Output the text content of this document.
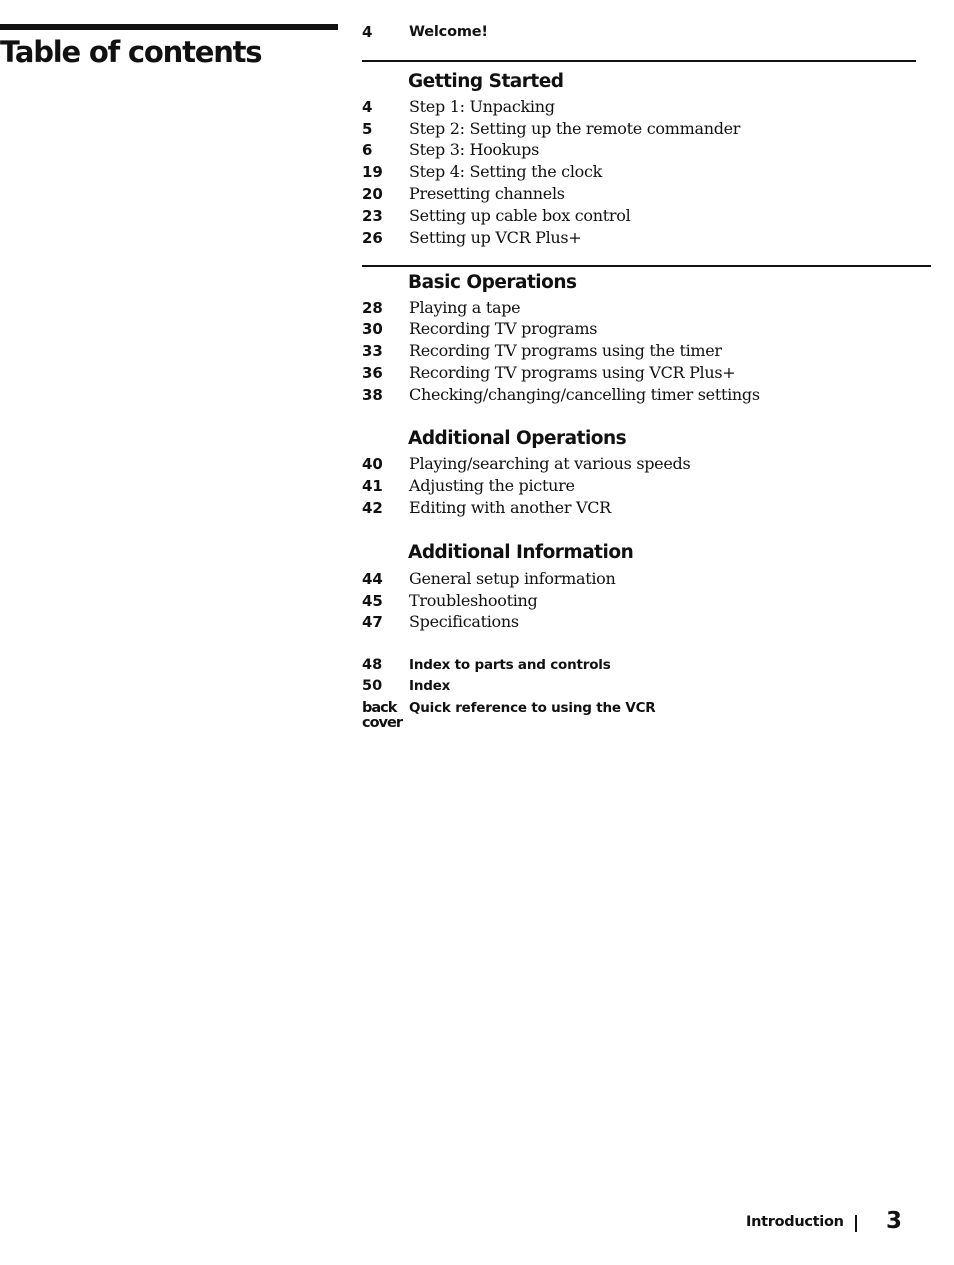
Table of contents
4	Welcome!
Getting Started
4 Step 1: Unpacking
5 Step 2: Setting up the remote commander
6 Step 3: Hookups
19 Step 4: Setting the clock
20 Presetting channels
23 Setting up cable box control
26 Setting up VCR Plus+
Basic Operations
28 Playing a tape
30 Recording TV programs
33 Recording TV programs using the timer
36 Recording TV programs using VCR Plus+
38 Checking/changing/cancelling timer settings
Additional Operations
40 Playing/searching at various speeds
41 Adjusting the picture
42 Editing with another VCR
Additional Information
44 General setup information
45 Troubleshooting
47 Specifications
48 Index to parts and controls
50 Index
back
cover
Quick reference to using the VCR
Introduction 3
